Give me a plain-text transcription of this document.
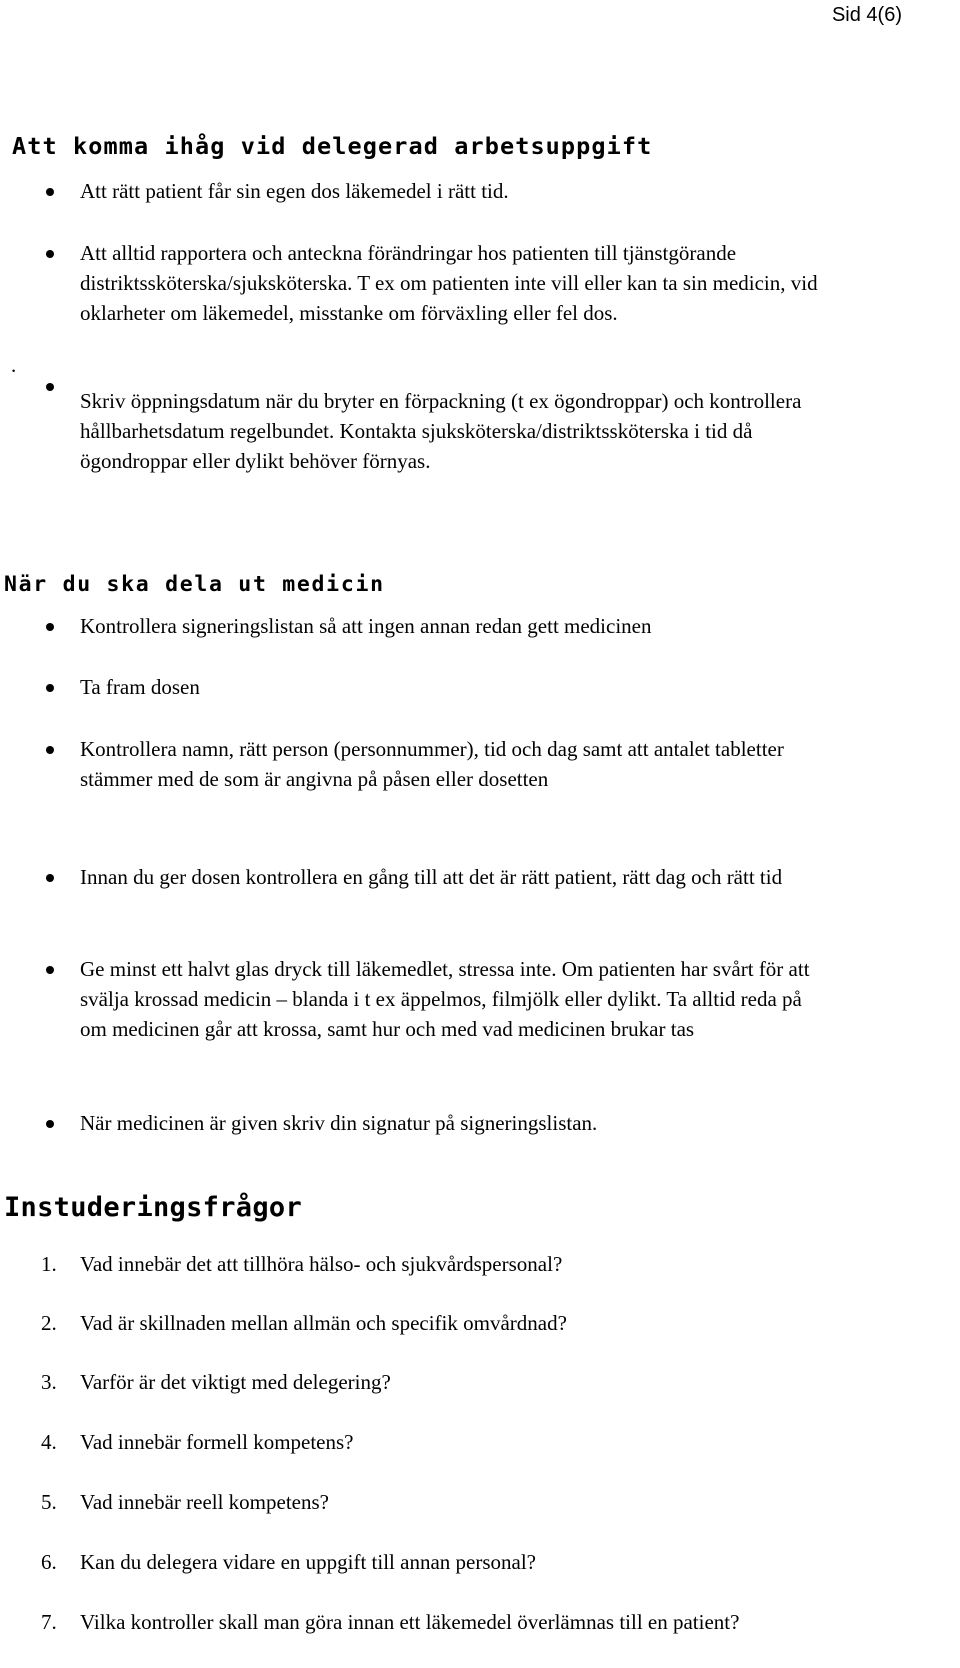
Sid 4(6)
Att komma ihåg vid delegerad arbetsuppgift

Att rätt patient får sin egen dos läkemedel i rätt tid.

Att alltid rapportera och anteckna förändringar hos patienten till tjänstgörande distriktssköterska/sjuksköterska. T ex om patienten inte vill eller kan ta sin medicin, vid oklarheter om läkemedel, misstanke om förväxling eller fel dos.

.

Skriv öppningsdatum när du bryter en förpackning (t ex ögondroppar) och kontrollera hållbarhetsdatum regelbundet. Kontakta sjuksköterska/distriktssköterska i tid då ögondroppar eller dylikt behöver förnyas.

När du ska dela ut medicin

Kontrollera signeringslistan så att ingen annan redan gett medicinen

Ta fram dosen

Kontrollera namn, rätt person (personnummer), tid och dag samt att antalet tabletter stämmer med de som är angivna på påsen eller dosetten

Innan du ger dosen kontrollera en gång till att det är rätt patient, rätt dag och rätt tid

Ge minst ett halvt glas dryck till läkemedlet, stressa inte. Om patienten har svårt för att svälja krossad medicin – blanda i t ex äppelmos, filmjölk eller dylikt. Ta alltid reda på om medicinen går att krossa, samt hur och med vad medicinen brukar tas

När medicinen är given skriv din signatur på signeringslistan.

Instuderingsfrågor
1. Vad innebär det att tillhöra hälso- och sjukvårdspersonal?

2. Vad är skillnaden mellan allmän och specifik omvårdnad?

3. Varför är det viktigt med delegering?

4. Vad innebär formell kompetens?

5. Vad innebär reell kompetens?

6. Kan du delegera vidare en uppgift till annan personal?

7. Vilka kontroller skall man göra innan ett läkemedel överlämnas till en patient?
